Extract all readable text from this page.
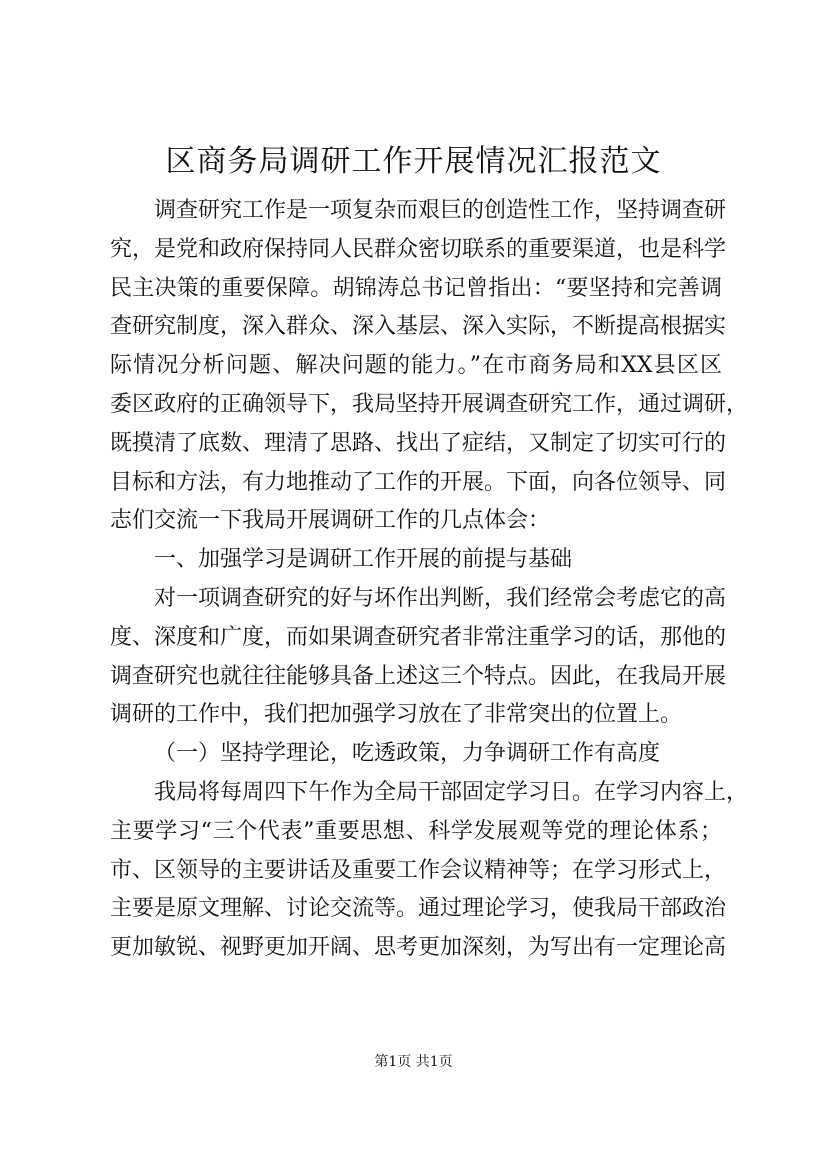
区商务局调研工作开展情况汇报范文
调查研究工作是一项复杂而艰巨的创造性工作，坚持调查研
究，是党和政府保持同人民群众密切联系的重要渠道，也是科学
民主决策的重要保障。胡锦涛总书记曾指出：“要坚持和完善调
查研究制度，深入群众、深入基层、深入实际，不断提高根据实
际情况分析问题、解决问题的能力。”在市商务局和XX县区区
委区政府的正确领导下，我局坚持开展调查研究工作，通过调研，
既摸清了底数、理清了思路、找出了症结，又制定了切实可行的
目标和方法，有力地推动了工作的开展。下面，向各位领导、同
志们交流一下我局开展调研工作的几点体会：
一、加强学习是调研工作开展的前提与基础
对一项调查研究的好与坏作出判断，我们经常会考虑它的高
度、深度和广度，而如果调查研究者非常注重学习的话，那他的
调查研究也就往往能够具备上述这三个特点。因此，在我局开展
调研的工作中，我们把加强学习放在了非常突出的位置上。
（一）坚持学理论，吃透政策，力争调研工作有高度
我局将每周四下午作为全局干部固定学习日。在学习内容上，
主要学习“三个代表”重要思想、科学发展观等党的理论体系；
市、区领导的主要讲话及重要工作会议精神等；在学习形式上，
主要是原文理解、讨论交流等。通过理论学习，使我局干部政治
更加敏锐、视野更加开阔、思考更加深刻，为写出有一定理论高
第1页 共1页
